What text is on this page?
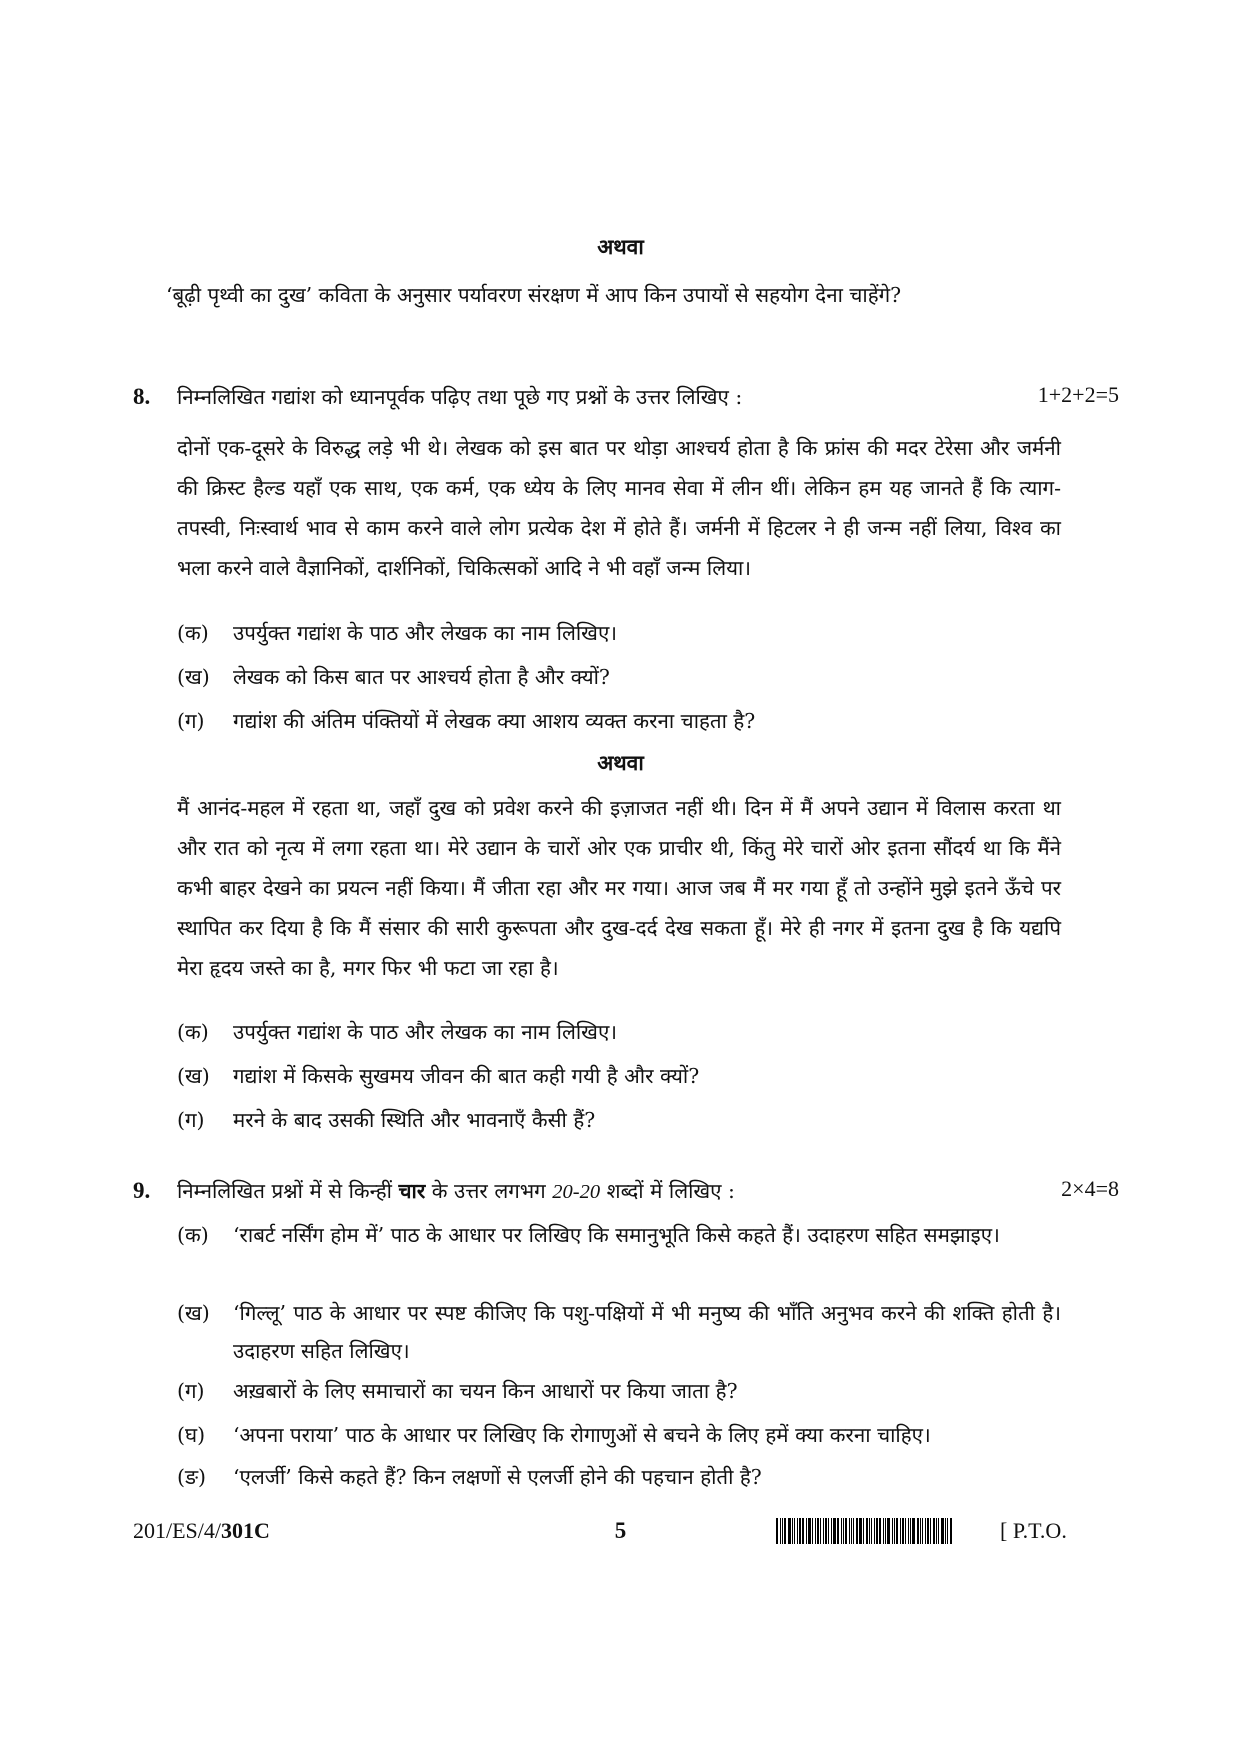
अथवा
‘बूढ़ी पृथ्वी का दुख’ कविता के अनुसार पर्यावरण संरक्षण में आप किन उपायों से सहयोग देना चाहेंगे?
8. निम्नलिखित गद्यांश को ध्यानपूर्वक पढ़िए तथा पूछे गए प्रश्नों के उत्तर लिखिए :	1+2+2=5
दोनों एक-दूसरे के विरुद्ध लड़े भी थे। लेखक को इस बात पर थोड़ा आश्चर्य होता है कि फ्रांस की मदर टेरेसा और जर्मनी की क्रिस्ट हैल्ड यहाँ एक साथ, एक कर्म, एक ध्येय के लिए मानव सेवा में लीन थीं। लेकिन हम यह जानते हैं कि त्याग-तपस्वी, निःस्वार्थ भाव से काम करने वाले लोग प्रत्येक देश में होते हैं। जर्मनी में हिटलर ने ही जन्म नहीं लिया, विश्व का भला करने वाले वैज्ञानिकों, दार्शनिकों, चिकित्सकों आदि ने भी वहाँ जन्म लिया।
(क) उपर्युक्त गद्यांश के पाठ और लेखक का नाम लिखिए।
(ख) लेखक को किस बात पर आश्चर्य होता है और क्यों?
(ग) गद्यांश की अंतिम पंक्तियों में लेखक क्या आशय व्यक्त करना चाहता है?
अथवा
मैं आनंद-महल में रहता था, जहाँ दुख को प्रवेश करने की इज़ाजत नहीं थी। दिन में मैं अपने उद्यान में विलास करता था और रात को नृत्य में लगा रहता था। मेरे उद्यान के चारों ओर एक प्राचीर थी, किंतु मेरे चारों ओर इतना सौंदर्य था कि मैंने कभी बाहर देखने का प्रयत्न नहीं किया। मैं जीता रहा और मर गया। आज जब मैं मर गया हूँ तो उन्होंने मुझे इतने ऊँचे पर स्थापित कर दिया है कि मैं संसार की सारी कुरूपता और दुख-दर्द देख सकता हूँ। मेरे ही नगर में इतना दुख है कि यद्यपि मेरा हृदय जस्ते का है, मगर फिर भी फटा जा रहा है।
(क) उपर्युक्त गद्यांश के पाठ और लेखक का नाम लिखिए।
(ख) गद्यांश में किसके सुखमय जीवन की बात कही गयी है और क्यों?
(ग) मरने के बाद उसकी स्थिति और भावनाएँ कैसी हैं?
9. निम्नलिखित प्रश्नों में से किन्हीं चार के उत्तर लगभग 20-20 शब्दों में लिखिए :	2×4=8
(क) ‘राबर्ट नर्सिंग होम में’ पाठ के आधार पर लिखिए कि समानुभूति किसे कहते हैं। उदाहरण सहित समझाइए।
(ख) ‘गिल्लू’ पाठ के आधार पर स्पष्ट कीजिए कि पशु-पक्षियों में भी मनुष्य की भाँति अनुभव करने की शक्ति होती है। उदाहरण सहित लिखिए।
(ग) अख़बारों के लिए समाचारों का चयन किन आधारों पर किया जाता है?
(घ) ‘अपना पराया’ पाठ के आधार पर लिखिए कि रोगाणुओं से बचने के लिए हमें क्या करना चाहिए।
(ङ) ‘एलर्जी’ किसे कहते हैं? किन लक्षणों से एलर्जी होने की पहचान होती है?
201/ES/4/301C	5	[ P.T.O.
